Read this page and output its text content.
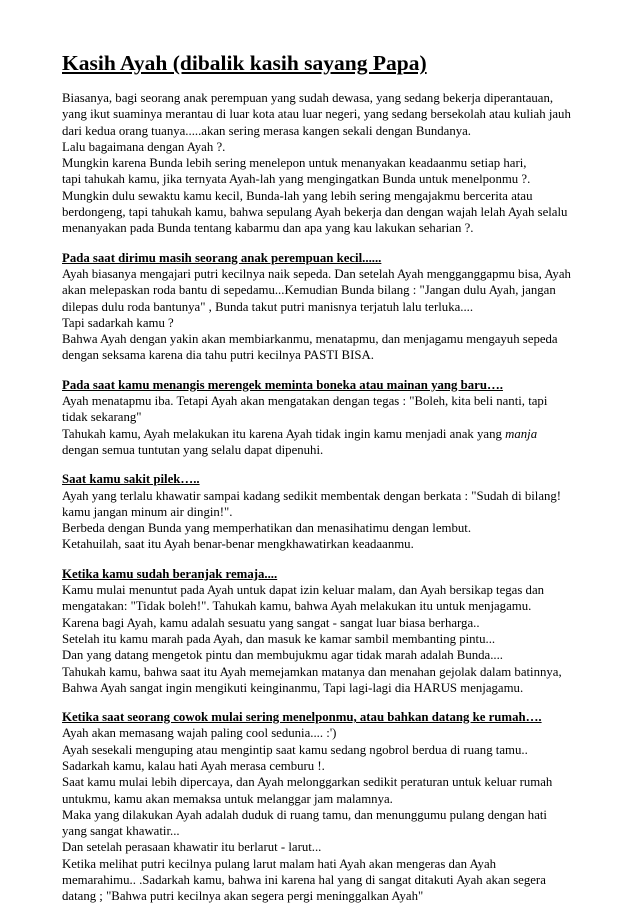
Kasih Ayah (dibalik kasih sayang Papa)
Biasanya, bagi seorang anak perempuan yang sudah dewasa, yang sedang bekerja diperantauan,
yang ikut suaminya merantau di luar kota atau luar negeri, yang sedang bersekolah atau kuliah jauh
dari kedua orang tuanya.....akan sering merasa kangen sekali dengan Bundanya.
Lalu bagaimana dengan Ayah ?.
Mungkin karena Bunda lebih sering menelepon untuk menanyakan keadaanmu setiap hari,
tapi tahukah kamu, jika ternyata Ayah-lah yang mengingatkan Bunda untuk menelponmu ?.
Mungkin dulu sewaktu kamu kecil, Bunda-lah yang lebih sering mengajakmu bercerita atau
berdongeng, tapi tahukah kamu, bahwa sepulang Ayah bekerja dan dengan wajah lelah Ayah selalu
menanyakan pada Bunda tentang kabarmu dan apa yang kau lakukan seharian ?.
Pada saat dirimu masih seorang anak perempuan kecil......
Ayah biasanya mengajari putri kecilnya naik sepeda. Dan setelah Ayah mengganggapmu bisa, Ayah
akan melepaskan roda bantu di sepedamu...Kemudian Bunda bilang : "Jangan dulu Ayah, jangan
dilepas dulu roda bantunya" , Bunda takut putri manisnya terjatuh lalu terluka....
Tapi sadarkah kamu ?
Bahwa Ayah dengan yakin akan membiarkanmu, menatapmu, dan menjagamu mengayuh sepeda
dengan seksama karena dia tahu putri kecilnya PASTI BISA.
Pada saat kamu menangis merengek meminta boneka atau mainan yang baru….
Ayah menatapmu iba. Tetapi Ayah akan mengatakan dengan tegas : "Boleh, kita beli nanti, tapi
tidak sekarang"
Tahukah kamu, Ayah melakukan itu karena Ayah tidak ingin kamu menjadi anak yang manja
dengan semua tuntutan yang selalu dapat dipenuhi.
Saat kamu sakit pilek…..
Ayah yang terlalu khawatir sampai kadang sedikit membentak dengan berkata : "Sudah di bilang!
kamu jangan minum air dingin!".
Berbeda dengan Bunda yang memperhatikan dan menasihatimu dengan lembut.
Ketahuilah, saat itu Ayah benar-benar mengkhawatirkan keadaanmu.
Ketika kamu sudah beranjak remaja....
Kamu mulai menuntut pada Ayah untuk dapat izin keluar malam, dan Ayah bersikap tegas dan
mengatakan: "Tidak boleh!". Tahukah kamu, bahwa Ayah melakukan itu untuk menjagamu.
Karena bagi Ayah, kamu adalah sesuatu yang sangat - sangat luar biasa berharga..
Setelah itu kamu marah pada Ayah, dan masuk ke kamar sambil membanting pintu...
Dan yang datang mengetok pintu dan membujukmu agar tidak marah adalah Bunda....
Tahukah kamu, bahwa saat itu Ayah memejamkan matanya dan menahan gejolak dalam batinnya,
Bahwa Ayah sangat ingin mengikuti keinginanmu, Tapi lagi-lagi dia HARUS menjagamu.
Ketika saat seorang cowok mulai sering menelponmu, atau bahkan datang ke rumah….
Ayah akan memasang wajah paling cool sedunia.... :')
Ayah sesekali menguping atau mengintip saat kamu sedang ngobrol berdua di ruang tamu..
Sadarkah kamu, kalau hati Ayah merasa cemburu !.
Saat kamu mulai lebih dipercaya, dan Ayah melonggarkan sedikit peraturan untuk keluar rumah
untukmu, kamu akan memaksa untuk melanggar jam malamnya.
Maka yang dilakukan Ayah adalah duduk di ruang tamu, dan menunggumu pulang dengan hati
yang sangat khawatir...
Dan setelah perasaan khawatir itu berlarut - larut...
Ketika melihat putri kecilnya pulang larut malam hati Ayah akan mengeras dan Ayah
memarahimu.. .Sadarkah kamu, bahwa ini karena hal yang di sangat ditakuti Ayah akan segera
datang ; "Bahwa putri kecilnya akan segera pergi meninggalkan Ayah"
